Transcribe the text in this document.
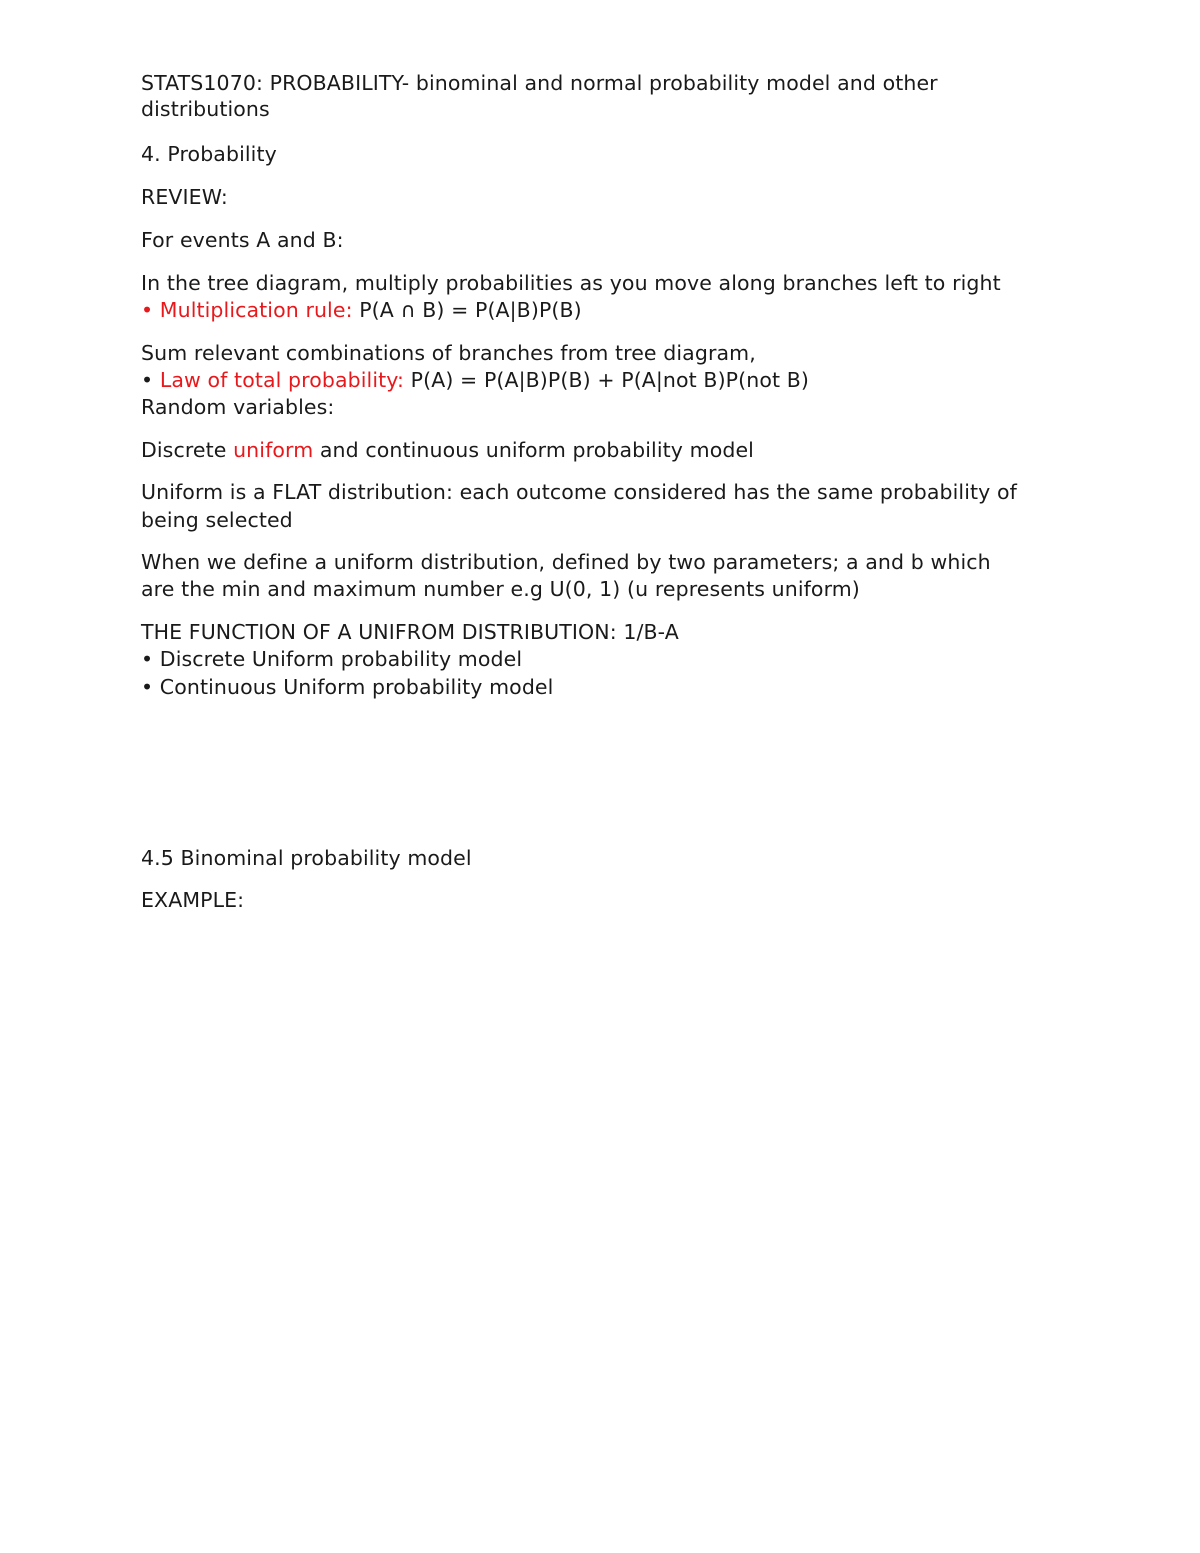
STATS1070: PROBABILITY- binominal and normal probability model and other
distributions
4. Probability
REVIEW:
For events A and B:
In the tree diagram, multiply probabilities as you move along branches left to right
• Multiplication rule: P(A ∩ B) = P(A|B)P(B)
Sum relevant combinations of branches from tree diagram,
• Law of total probability: P(A) = P(A|B)P(B) + P(A|not B)P(not B)
Random variables:
Discrete uniform and continuous uniform probability model
Uniform is a FLAT distribution: each outcome considered has the same probability of
being selected
When we define a uniform distribution, defined by two parameters; a and b which
are the min and maximum number e.g U(0, 1) (u represents uniform)
THE FUNCTION OF A UNIFROM DISTRIBUTION: 1/B-A
• Discrete Uniform probability model
• Continuous Uniform probability model
4.5 Binominal probability model
EXAMPLE:
